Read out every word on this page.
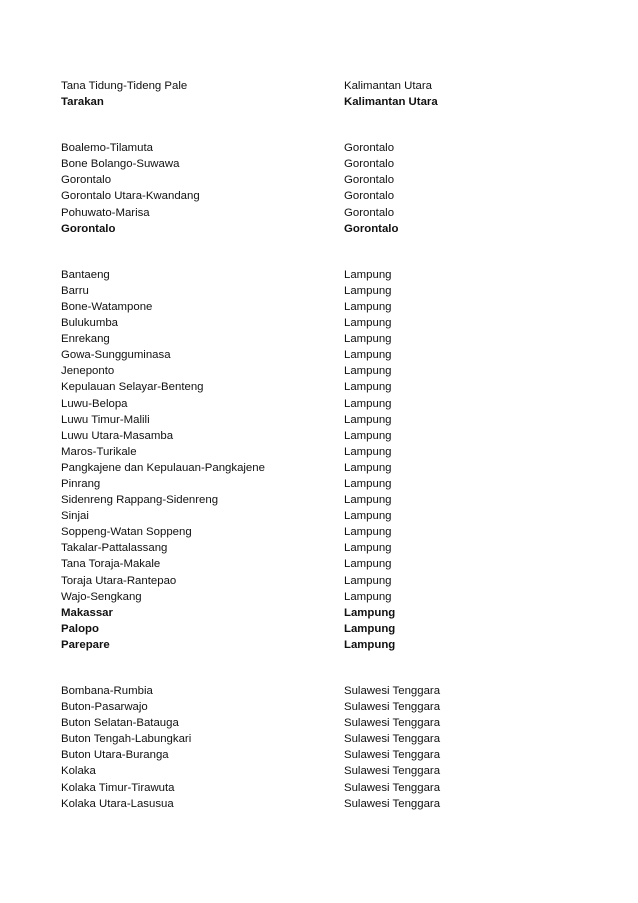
Tana Tidung-Tideng Pale	Kalimantan Utara
Tarakan	Kalimantan Utara
Boalemo-Tilamuta	Gorontalo
Bone Bolango-Suwawa	Gorontalo
Gorontalo	Gorontalo
Gorontalo Utara-Kwandang	Gorontalo
Pohuwato-Marisa	Gorontalo
Gorontalo	Gorontalo
Bantaeng	Lampung
Barru	Lampung
Bone-Watampone	Lampung
Bulukumba	Lampung
Enrekang	Lampung
Gowa-Sungguminasa	Lampung
Jeneponto	Lampung
Kepulauan Selayar-Benteng	Lampung
Luwu-Belopa	Lampung
Luwu Timur-Malili	Lampung
Luwu Utara-Masamba	Lampung
Maros-Turikale	Lampung
Pangkajene dan Kepulauan-Pangkajene	Lampung
Pinrang	Lampung
Sidenreng Rappang-Sidenreng	Lampung
Sinjai	Lampung
Soppeng-Watan Soppeng	Lampung
Takalar-Pattalassang	Lampung
Tana Toraja-Makale	Lampung
Toraja Utara-Rantepao	Lampung
Wajo-Sengkang	Lampung
Makassar	Lampung
Palopo	Lampung
Parepare	Lampung
Bombana-Rumbia	Sulawesi Tenggara
Buton-Pasarwajo	Sulawesi Tenggara
Buton Selatan-Batauga	Sulawesi Tenggara
Buton Tengah-Labungkari	Sulawesi Tenggara
Buton Utara-Buranga	Sulawesi Tenggara
Kolaka	Sulawesi Tenggara
Kolaka Timur-Tirawuta	Sulawesi Tenggara
Kolaka Utara-Lasusua	Sulawesi Tenggara
